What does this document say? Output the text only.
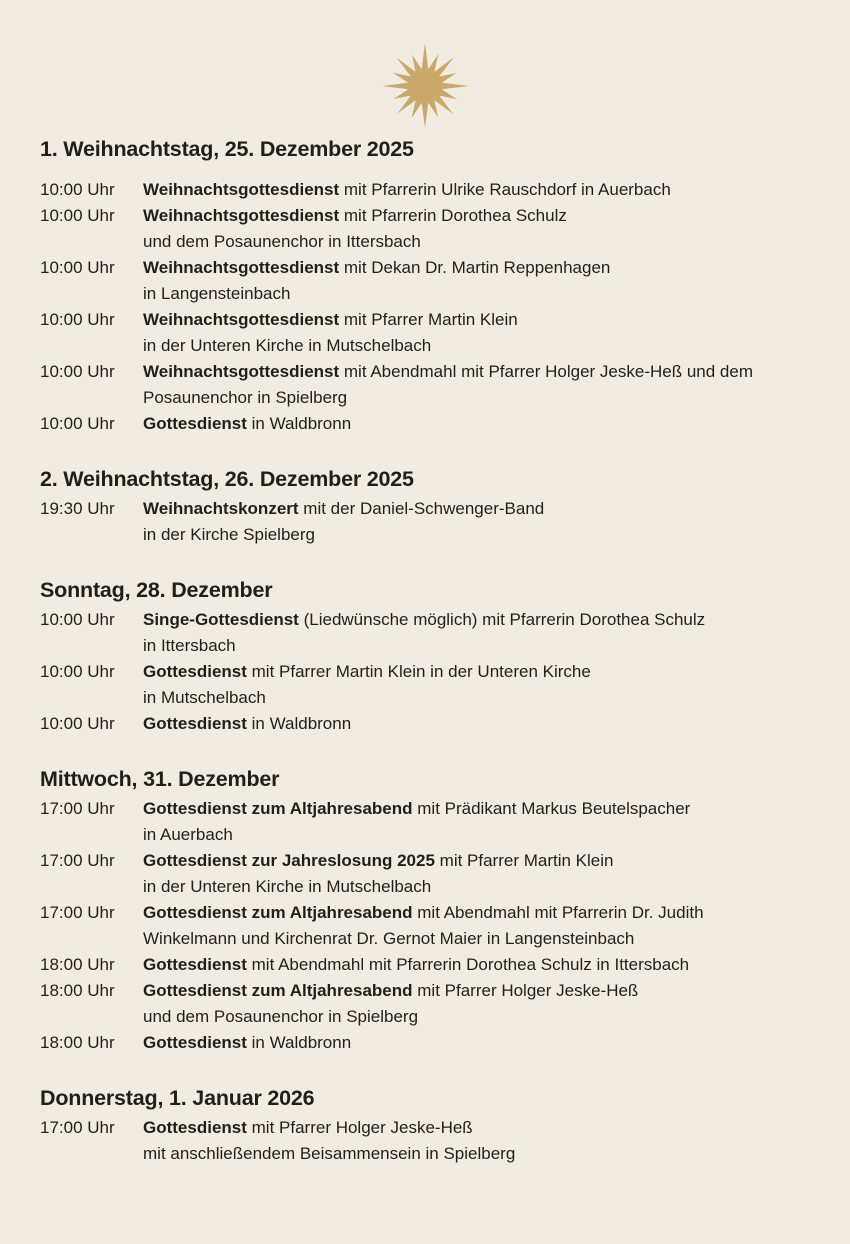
1. Weihnachtstag, 25. Dezember 2025
10:00 Uhr	Weihnachtsgottesdienst mit Pfarrerin Ulrike Rauschdorf in Auerbach
10:00 Uhr	Weihnachtsgottesdienst mit Pfarrerin Dorothea Schulz
und dem Posaunenchor in Ittersbach
10:00 Uhr	Weihnachtsgottesdienst mit Dekan Dr. Martin Reppenhagen
in Langensteinbach
10:00 Uhr	Weihnachtsgottesdienst mit Pfarrer Martin Klein
in der Unteren Kirche in Mutschelbach
10:00 Uhr	Weihnachtsgottesdienst mit Abendmahl mit Pfarrer Holger Jeske-Heß und dem
Posaunenchor in Spielberg
10:00 Uhr	Gottesdienst in Waldbronn
2. Weihnachtstag, 26. Dezember 2025
19:30 Uhr	Weihnachtskonzert mit der Daniel-Schwenger-Band
in der Kirche Spielberg
Sonntag, 28. Dezember
10:00 Uhr	Singe-Gottesdienst (Liedwünsche möglich) mit Pfarrerin Dorothea Schulz
in Ittersbach
10:00 Uhr	Gottesdienst mit Pfarrer Martin Klein in der Unteren Kirche
in Mutschelbach
10:00 Uhr	Gottesdienst in Waldbronn
Mittwoch, 31. Dezember
17:00 Uhr	Gottesdienst zum Altjahresabend mit Prädikant Markus Beutelspacher
in Auerbach
17:00 Uhr	Gottesdienst zur Jahreslosung 2025 mit Pfarrer Martin Klein
in der Unteren Kirche in Mutschelbach
17:00 Uhr	Gottesdienst zum Altjahresabend mit Abendmahl mit Pfarrerin Dr. Judith
Winkelmann und Kirchenrat Dr. Gernot Maier in Langensteinbach
18:00 Uhr	Gottesdienst mit Abendmahl mit Pfarrerin Dorothea Schulz in Ittersbach
18:00 Uhr	Gottesdienst zum Altjahresabend mit Pfarrer Holger Jeske-Heß
und dem Posaunenchor in Spielberg
18:00 Uhr	Gottesdienst in Waldbronn
Donnerstag, 1. Januar 2026
17:00 Uhr	Gottesdienst mit Pfarrer Holger Jeske-Heß
mit anschließendem Beisammensein in Spielberg
